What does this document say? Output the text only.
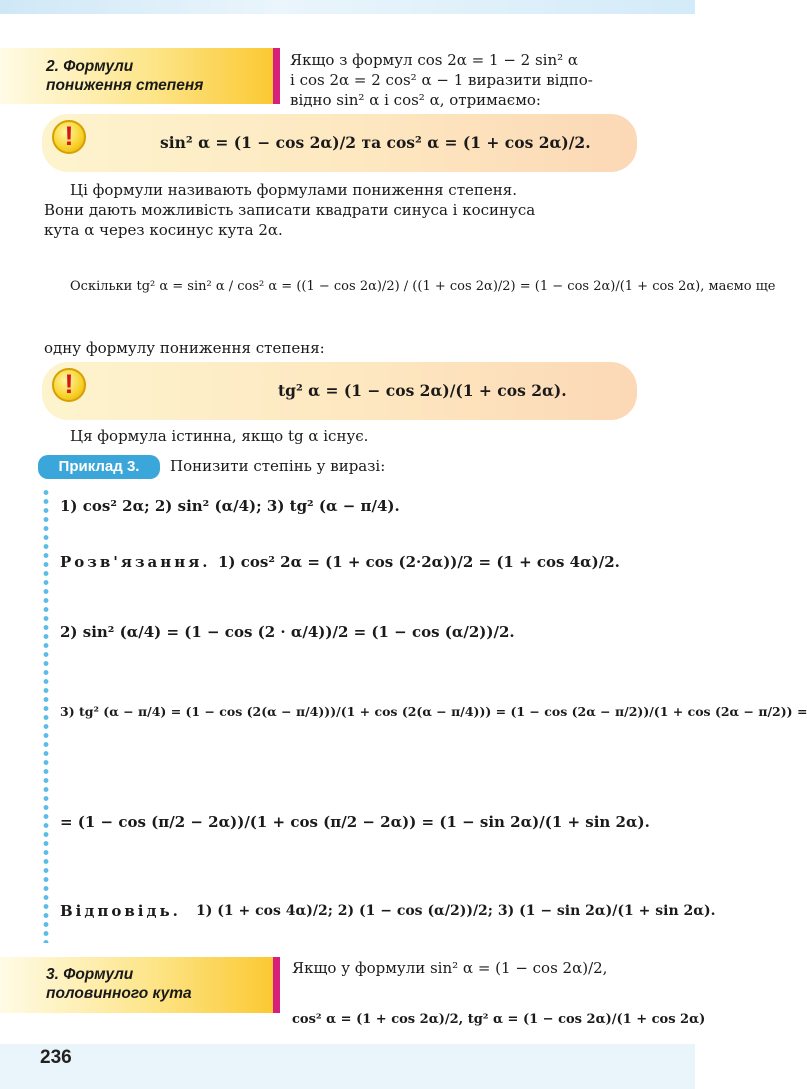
2. Формули
пониження степеня
Якщо з формул cos 2α = 1 − 2 sin² α
і cos 2α = 2 cos² α − 1 виразити відпо-
відно sin² α і cos² α, отримаємо:
!	sin² α = (1 − cos 2α)/2 та cos² α = (1 + cos 2α)/2.
Ці формули називають формулами пониження степеня.
Вони дають можливість записати квадрати синуса і косинуса
кута α через косинус кута 2α.
Оскільки tg² α = sin² α / cos² α = ((1 − cos 2α)/2) / ((1 + cos 2α)/2) = (1 − cos 2α)/(1 + cos 2α), маємо ще
одну формулу пониження степеня:
!	tg² α = (1 − cos 2α)/(1 + cos 2α).
Ця формула істинна, якщо tg α існує.
Приклад 3.	Понизити степінь у виразі:
1) cos² 2α; 2) sin² (α/4); 3) tg² (α − π/4).
Розв'язання. 1) cos² 2α = (1 + cos (2·2α))/2 = (1 + cos 4α)/2.
2) sin² (α/4) = (1 − cos (2 · α/4))/2 = (1 − cos (α/2))/2.
3) tg² (α − π/4) = (1 − cos (2(α − π/4)))/(1 + cos (2(α − π/4))) = (1 − cos (2α − π/2))/(1 + cos (2α − π/2)) =
= (1 − cos (π/2 − 2α))/(1 + cos (π/2 − 2α)) = (1 − sin 2α)/(1 + sin 2α).
Відповідь. 1) (1 + cos 4α)/2; 2) (1 − cos (α/2))/2; 3) (1 − sin 2α)/(1 + sin 2α).
3. Формули
половинного кута
Якщо у формули sin² α = (1 − cos 2α)/2,
cos² α = (1 + cos 2α)/2, tg² α = (1 − cos 2α)/(1 + cos 2α)
236
